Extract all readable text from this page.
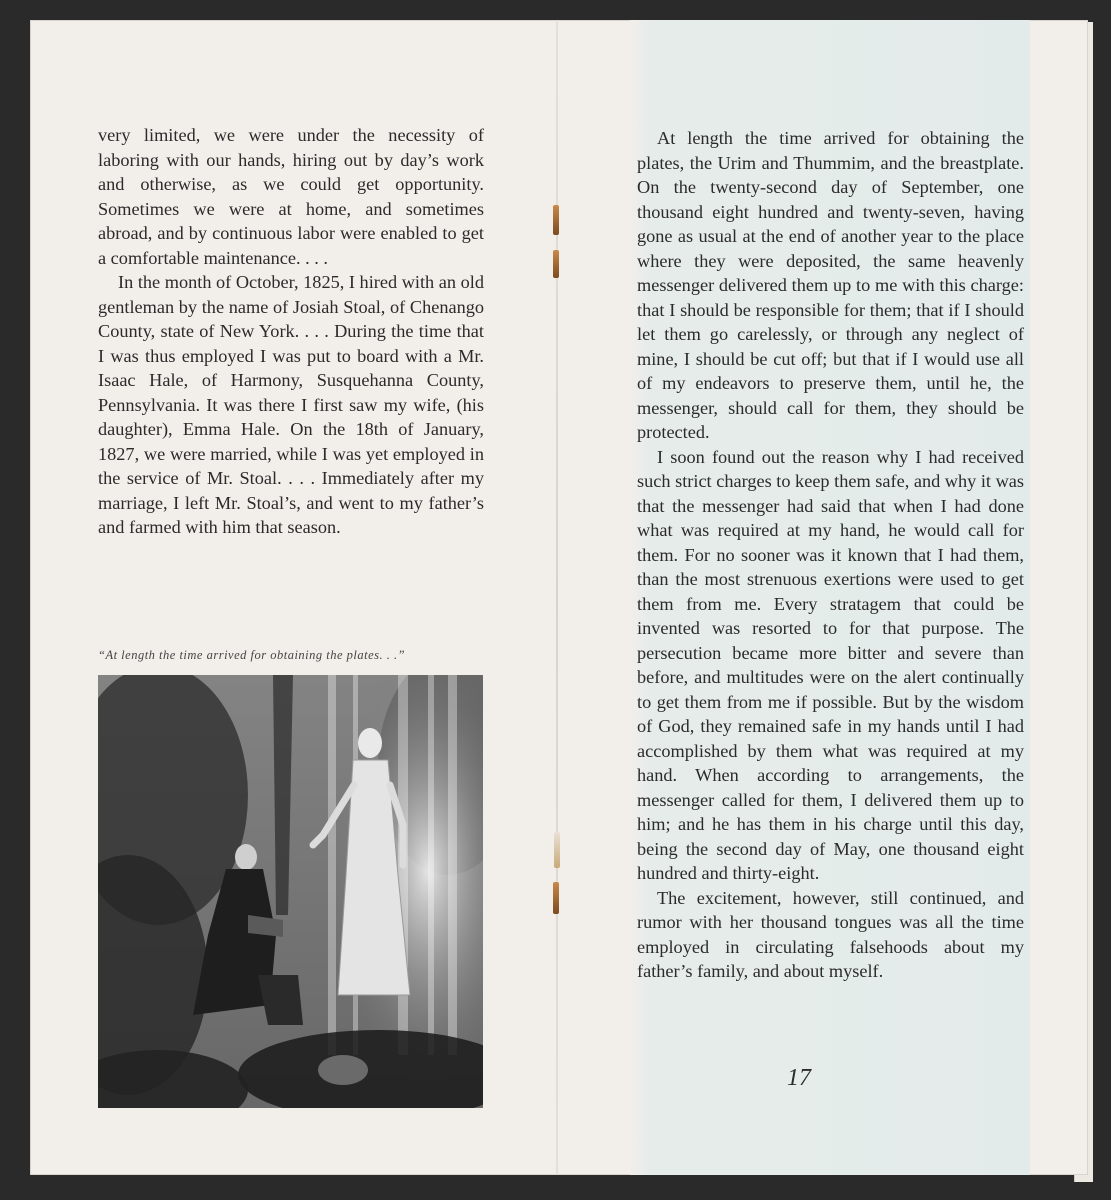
very limited, we were under the necessity of laboring with our hands, hiring out by day’s work and otherwise, as we could get opportunity. Sometimes we were at home, and sometimes abroad, and by continuous labor were enabled to get a comfortable maintenance. . . .

In the month of October, 1825, I hired with an old gentleman by the name of Josiah Stoal, of Chenango County, state of New York. . . . During the time that I was thus employed I was put to board with a Mr. Isaac Hale, of Harmony, Susquehanna County, Pennsylvania. It was there I first saw my wife, (his daughter), Emma Hale. On the 18th of January, 1827, we were married, while I was yet employed in the service of Mr. Stoal. . . . Immediately after my marriage, I left Mr. Stoal’s, and went to my father’s and farmed with him that season.

“At length the time arrived for obtaining the plates. . .”

At length the time arrived for obtaining the plates, the Urim and Thummim, and the breastplate. On the twenty-second day of September, one thousand eight hundred and twenty-seven, having gone as usual at the end of another year to the place where they were deposited, the same heavenly messenger delivered them up to me with this charge: that I should be responsible for them; that if I should let them go carelessly, or through any neglect of mine, I should be cut off; but that if I would use all of my endeavors to preserve them, until he, the messenger, should call for them, they should be protected.

I soon found out the reason why I had received such strict charges to keep them safe, and why it was that the messenger had said that when I had done what was required at my hand, he would call for them. For no sooner was it known that I had them, than the most strenuous exertions were used to get them from me. Every stratagem that could be invented was resorted to for that purpose. The persecution became more bitter and severe than before, and multitudes were on the alert continually to get them from me if possible. But by the wisdom of God, they remained safe in my hands until I had accomplished by them what was required at my hand. When according to arrangements, the messenger called for them, I delivered them up to him; and he has them in his charge until this day, being the second day of May, one thousand eight hundred and thirty-eight.

The excitement, however, still continued, and rumor with her thousand tongues was all the time employed in circulating falsehoods about my father’s family, and about myself.

17
